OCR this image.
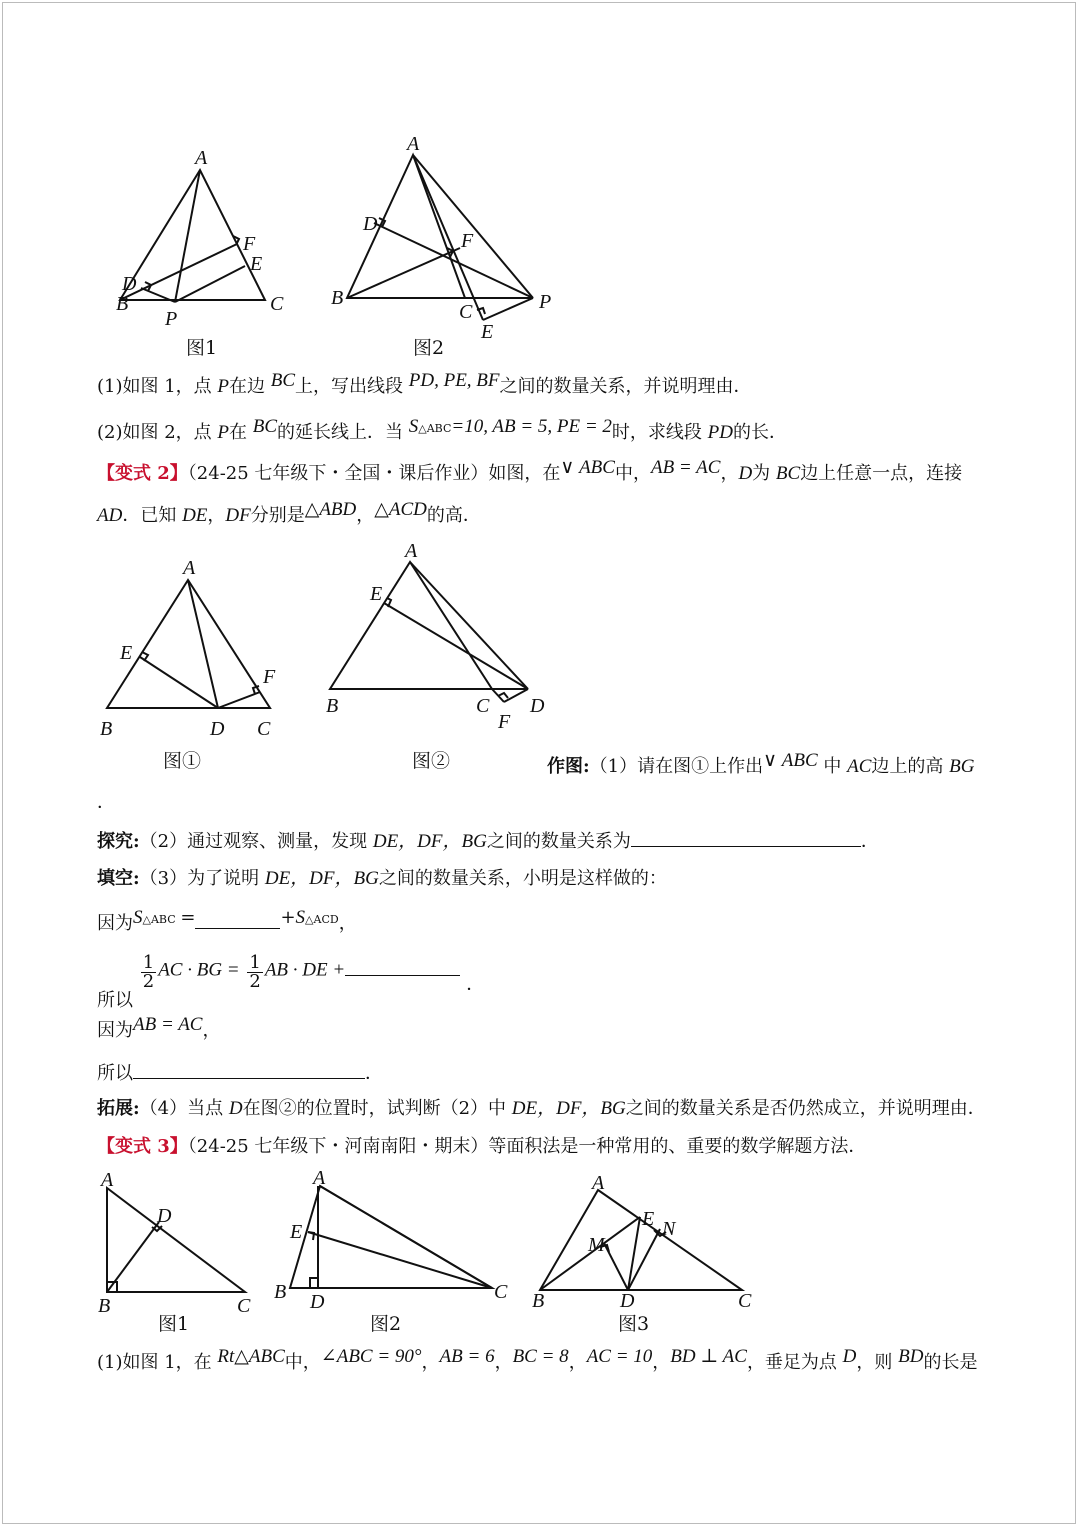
A
B	C
D
E
F
P
图1
A
B
C
D
E
F
P
图2
(1)如图 1，点 P在边 BC上，写出线段 PD, PE, BF之间的数量关系，并说明理由．
(2)如图 2，点 P在 BC的延长线上．当 $S^{\triangle ABC}=10$, AB = 5, PE = 2时，求线段 PD的长．
【变式 2】（24-25 七年级下・全国・课后作业）如图，在∨ ABC中，AB = AC，D为 BC边上任意一点，连接
AD．已知 DE，DF分别是△ABD，△ACD的高．
A
B	C
D
E
F
图①
A
B	C D
E
F
图②	作图:（1）请在图①上作出∨ ABC 中 AC边上的高 BG
．
探究:（2）通过观察、测量，发现 DE，DF，BG之间的数量关系为	．
填空:（3）为了说明 DE，DF，BG之间的数量关系，小明是这样做的：
因为$S^{\triangle ABC}$ =	$+S^{\triangle ACD}$，
所以
$\frac{1}{2}$ AC · BG = $\frac{1}{2}$ AB · DE +．
因为AB = AC，
所以	．
拓展:（4）当点 D在图②的位置时，试判断（2）中 DE，DF，BG之间的数量关系是否仍然成立，并说明理由．
【变式 3】（24-25 七年级下・河南南阳・期末）等面积法是一种常用的、重要的数学解题方法．
A
B	C
D
图1
A
B	C
D
E
图2
A
B	C
D
E
M
N
图3
(1)如图 1，在 Rt△ABC中，∠ABC = 90°，AB = 6，BC = 8，AC = 10，BD ⊥ AC，垂足为点 D，则 BD的长是
